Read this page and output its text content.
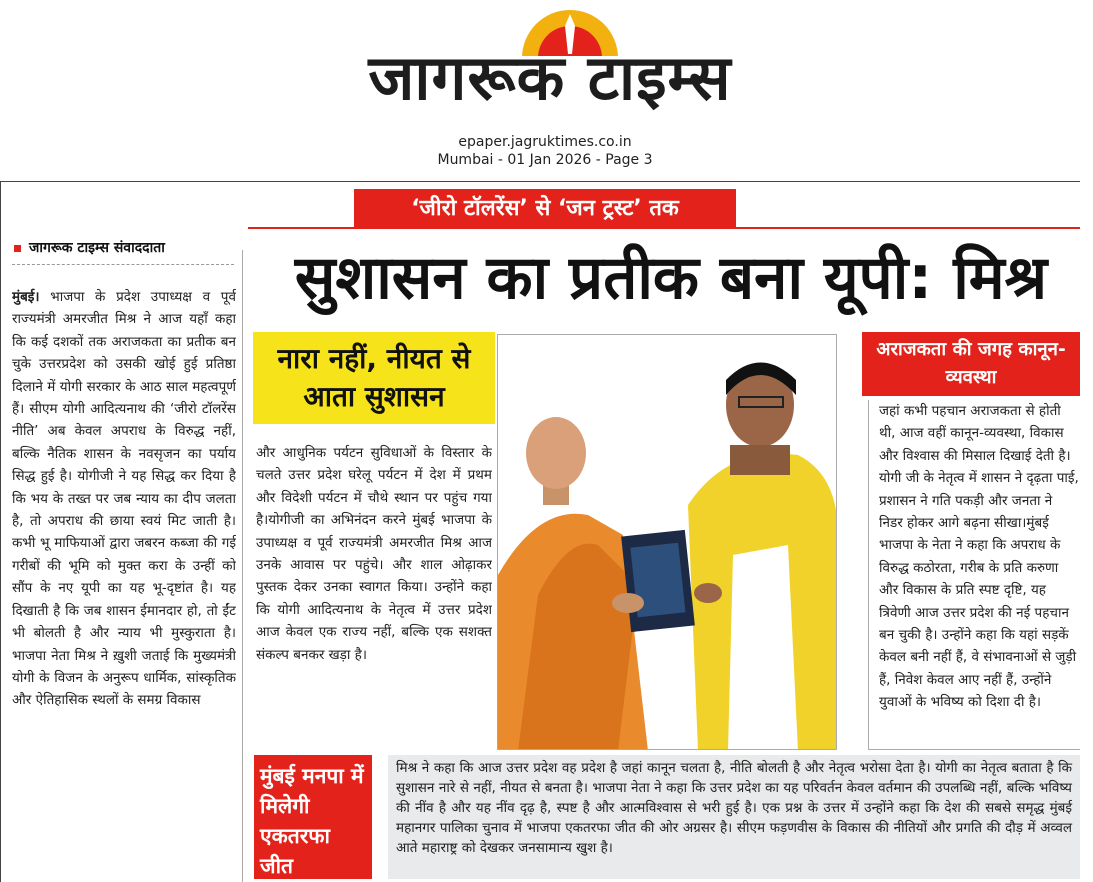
जागरूक टाइम्स
epaper.jagruktimes.co.in
Mumbai - 01 Jan 2026 - Page 3
‘जीरो टॉलरेंस’ से ‘जन ट्रस्ट’ तक
जागरूक टाइम्स संवाददाता	सुशासन का प्रतीक बना यूपी: मिश्र
मुंबई। भाजपा के प्रदेश उपाध्यक्ष व पूर्व राज्यमंत्री अमरजीत मिश्र ने आज यहाँ कहा कि कई दशकों तक अराजकता का प्रतीक बन चुके उत्तरप्रदेश को उसकी खोई हुई प्रतिष्ठा दिलाने में योगी सरकार के आठ साल महत्वपूर्ण हैं। सीएम योगी आदित्यनाथ की ‘जीरो टॉलरेंस नीति’ अब केवल अपराध के विरुद्ध नहीं, बल्कि नैतिक शासन के नवसृजन का पर्याय सिद्ध हुई है। योगीजी ने यह सिद्ध कर दिया है कि भय के तख्त पर जब न्याय का दीप जलता है, तो अपराध की छाया स्वयं मिट जाती है। कभी भू माफियाओं द्वारा जबरन कब्जा की गई गरीबों की भूमि को मुक्त करा के उन्हीं को सौंप के नए यूपी का यह भू-दृष्टांत है। यह दिखाती है कि जब शासन ईमानदार हो, तो ईंट भी बोलती है और न्याय भी मुस्कुराता है। भाजपा नेता मिश्र ने ख़ुशी जताई कि मुख्यमंत्री योगी के विजन के अनुरूप धार्मिक, सांस्कृतिक और ऐतिहासिक स्थलों के समग्र विकास
नारा नहीं, नीयत से आता सुशासन
और आधुनिक पर्यटन सुविधाओं के विस्तार के चलते उत्तर प्रदेश घरेलू पर्यटन में देश में प्रथम और विदेशी पर्यटन में चौथे स्थान पर पहुंच गया है।योगीजी का अभिनंदन करने मुंबई भाजपा के उपाध्यक्ष व पूर्व राज्यमंत्री अमरजीत मिश्र आज उनके आवास पर पहुंचे। और शाल ओढ़ाकर पुस्तक देकर उनका स्वागत किया। उन्होंने कहा कि योगी आदित्यनाथ के नेतृत्व में उत्तर प्रदेश आज केवल एक राज्य नहीं, बल्कि एक सशक्त संकल्प बनकर खड़ा है।
अराजकता की जगह कानून-व्यवस्था
जहां कभी पहचान अराजकता से होती थी, आज वहीं कानून-व्यवस्था, विकास और विश्वास की मिसाल दिखाई देती है। योगी जी के नेतृत्व में शासन ने दृढ़ता पाई, प्रशासन ने गति पकड़ी और जनता ने निडर होकर आगे बढ़ना सीखा।मुंबई भाजपा के नेता ने कहा कि अपराध के विरुद्ध कठोरता, गरीब के प्रति करुणा और विकास के प्रति स्पष्ट दृष्टि, यह त्रिवेणी आज उत्तर प्रदेश की नई पहचान बन चुकी है। उन्होंने कहा कि यहां सड़कें केवल बनी नहीं हैं, वे संभावनाओं से जुड़ी हैं, निवेश केवल आए नहीं हैं, उन्होंने युवाओं के भविष्य को दिशा दी है।
मुंबई मनपा में मिलेगी एकतरफा जीत
मिश्र ने कहा कि आज उत्तर प्रदेश वह प्रदेश है जहां कानून चलता है, नीति बोलती है और नेतृत्व भरोसा देता है। योगी का नेतृत्व बताता है कि सुशासन नारे से नहीं, नीयत से बनता है। भाजपा नेता ने कहा कि उत्तर प्रदेश का यह परिवर्तन केवल वर्तमान की उपलब्धि नहीं, बल्कि भविष्य की नींव है और यह नींव दृढ़ है, स्पष्ट है और आत्मविश्वास से भरी हुई है। एक प्रश्न के उत्तर में उन्होंने कहा कि देश की सबसे समृद्ध मुंबई महानगर पालिका चुनाव में भाजपा एकतरफा जीत की ओर अग्रसर है। सीएम फड़णवीस के विकास की नीतियों और प्रगति की दौड़ में अव्वल आते महाराष्ट्र को देखकर जनसामान्य खुश है।
